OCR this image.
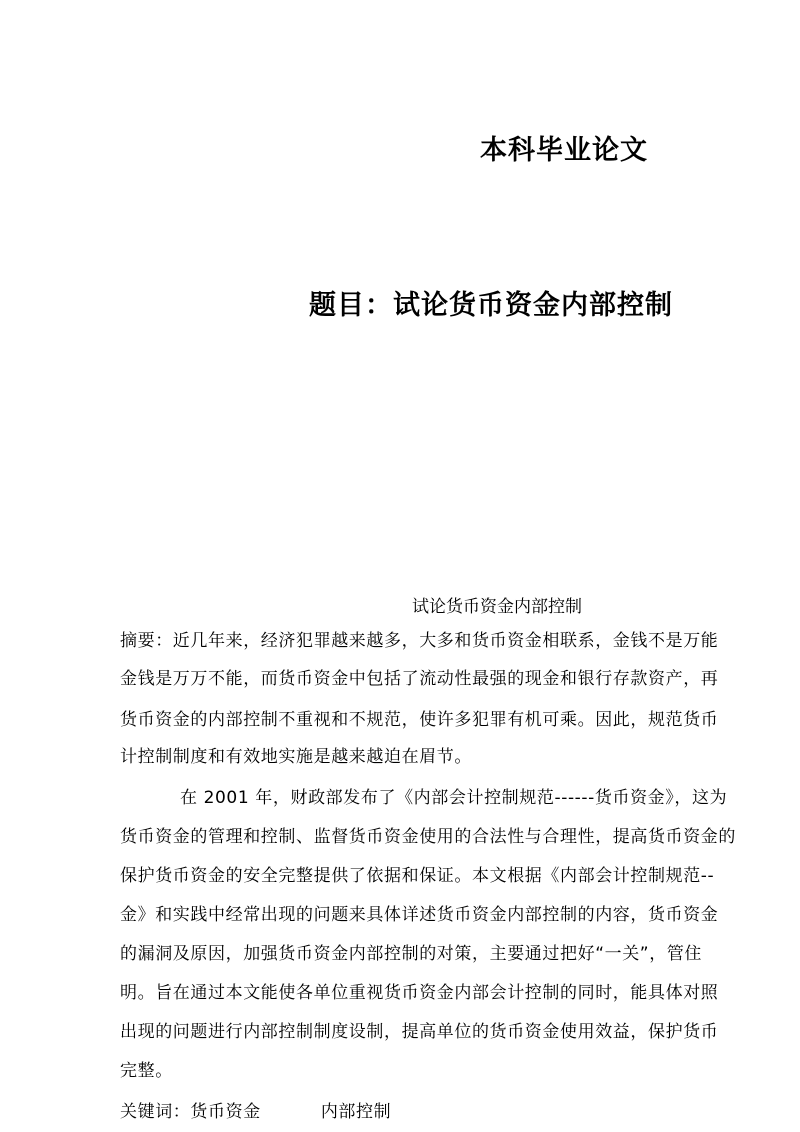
本科毕业论文
题目：试论货币资金内部控制

试论货币资金内部控制

摘要：近几年来，经济犯罪越来越多，大多和货币资金相联系，金钱不是万能

金钱是万万不能，而货币资金中包括了流动性最强的现金和银行存款资产，再

货币资金的内部控制不重视和不规范，使许多犯罪有机可乘。因此，规范货币

计控制制度和有效地实施是越来越迫在眉节。

在 2001 年，财政部发布了《内部会计控制规范------货币资金》，这为

货币资金的管理和控制、监督货币资金使用的合法性与合理性，提高货币资金的

保护货币资金的安全完整提供了依据和保证。本文根据《内部会计控制规范--

金》和实践中经常出现的问题来具体详述货币资金内部控制的内容，货币资金

的漏洞及原因，加强货币资金内部控制的对策，主要通过把好“一关”，管住

明。旨在通过本文能使各单位重视货币资金内部会计控制的同时，能具体对照

出现的问题进行内部控制制度设制，提高单位的货币资金使用效益，保护货币

完整。

关键词：货币资金	内部控制
